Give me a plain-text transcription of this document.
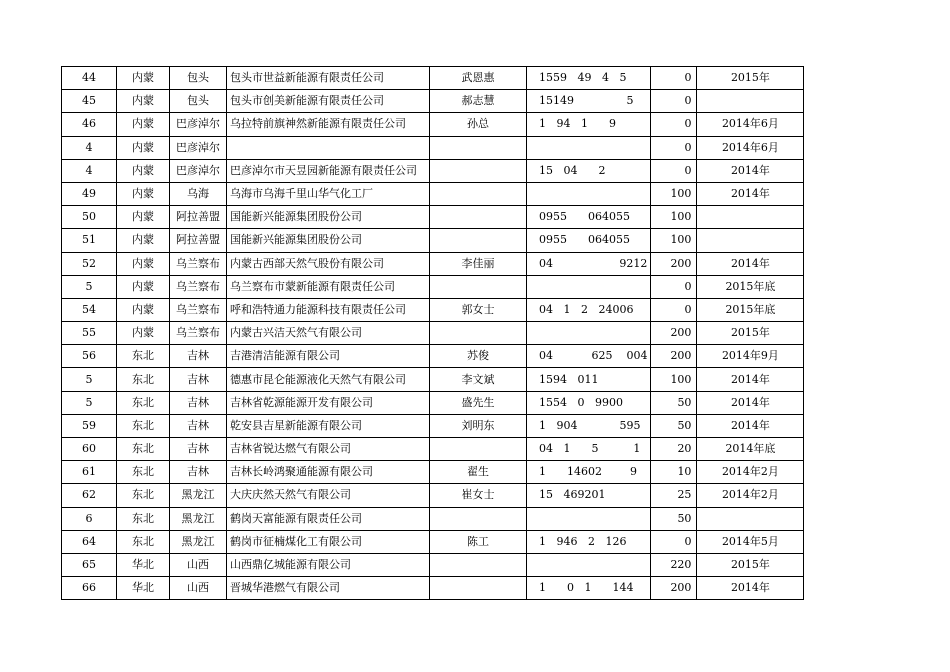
44	内蒙	包头	包头市世益新能源有限责任公司	武恩惠	1559   49   4   5	0	2015年
45	内蒙	包头	包头市创美新能源有限责任公司	郝志慧	15149               5	0	
46	内蒙	巴彦淖尔	乌拉特前旗神然新能源有限责任公司	孙总	1   94   1      9	0	2014年6月
4	内蒙	巴彦淖尔				0	2014年6月
4	内蒙	巴彦淖尔	巴彦淖尔市天昱园新能源有限责任公司		15   04      2	0	2014年
49	内蒙	乌海	乌海市乌海千里山华气化工厂			100	2014年
50	内蒙	阿拉善盟	国能新兴能源集团股份公司		0955      064055	100	
51	内蒙	阿拉善盟	国能新兴能源集团股份公司		0955      064055	100	
52	内蒙	乌兰察布	内蒙古西部天然气股份有限公司	李佳丽	04                   9212	200	2014年
5	内蒙	乌兰察布	乌兰察布市蒙新能源有限责任公司			0	2015年底
54	内蒙	乌兰察布	呼和浩特通力能源科技有限责任公司	郭女士	04   1   2   24006	0	2015年底
55	内蒙	乌兰察布	内蒙古兴洁天然气有限公司			200	2015年
56	东北	吉林	吉港清洁能源有限公司	苏俊	04           625    004	200	2014年9月
5	东北	吉林	德惠市昆仑能源液化天然气有限公司	李文斌	1594   011	100	2014年
5	东北	吉林	吉林省乾源能源开发有限公司	盛先生	1554   0   9900	50	2014年
59	东北	吉林	乾安县吉星新能源有限公司	刘明东	1   904            595	50	2014年
60	东北	吉林	吉林省锐达燃气有限公司		04   1      5          1	20	2014年底
61	东北	吉林	吉林长岭鸿聚通能源有限公司	翟生	1      14602        9	10	2014年2月
62	东北	黑龙江	大庆庆然天然气有限公司	崔女士	15   469201	25	2014年2月
6	东北	黑龙江	鹤岗天富能源有限责任公司			50	
64	东北	黑龙江	鹤岗市征楠煤化工有限公司	陈工	1   946   2   126	0	2014年5月
65	华北	山西	山西鼎亿城能源有限公司			220	2015年
66	华北	山西	晋城华港燃气有限公司		1      0   1      144	200	2014年
